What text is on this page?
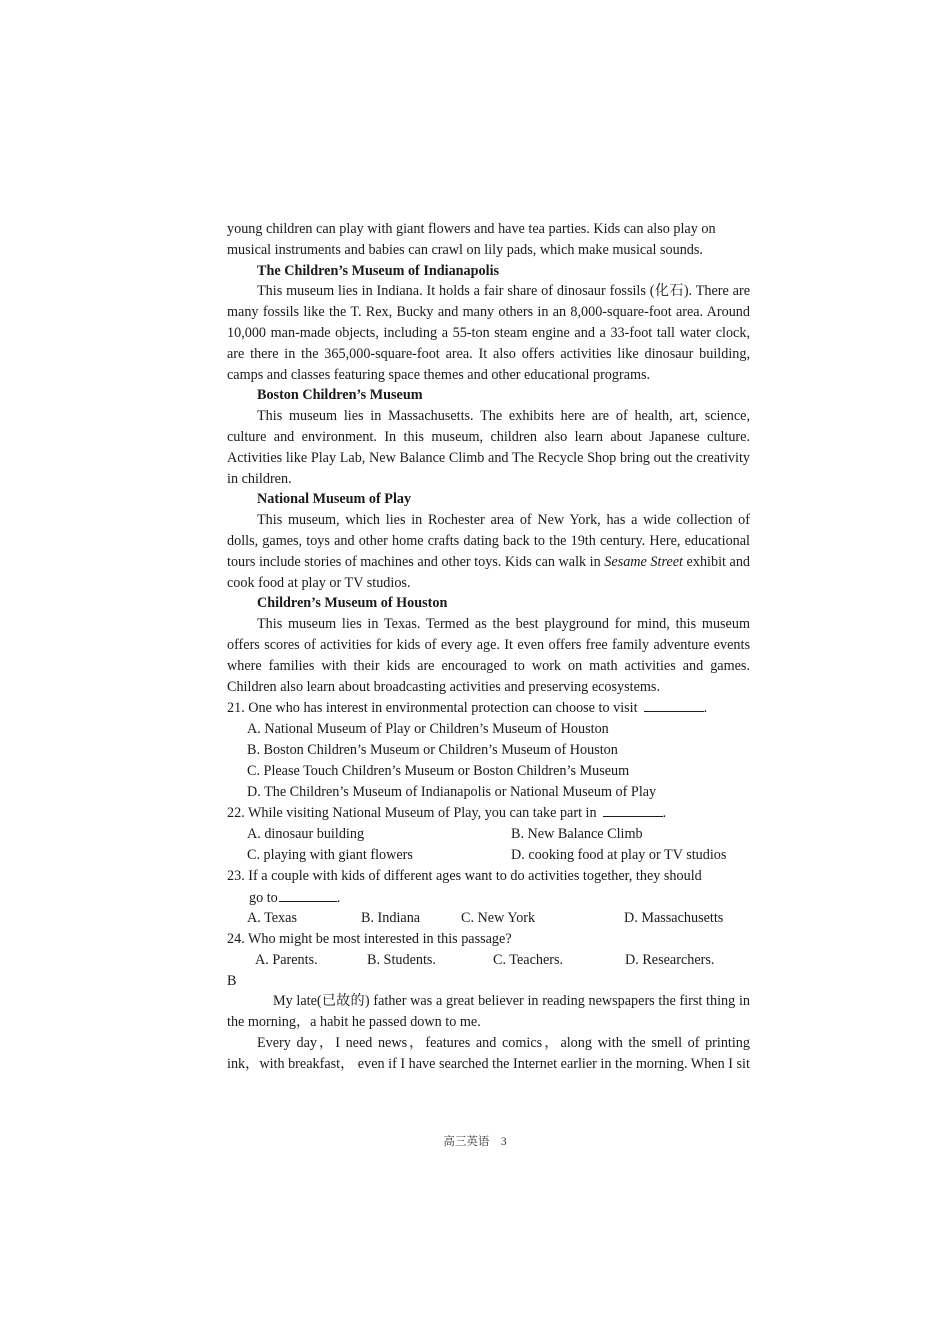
young children can play with giant flowers and have tea parties. Kids can also play on

musical instruments and babies can crawl on lily pads, which make musical sounds.

The Children’s Museum of Indianapolis

This museum lies in Indiana. It holds a fair share of dinosaur fossils (化石). There are many fossils like the T. Rex, Bucky and many others in an 8,000-square-foot area. Around 10,000 man-made objects, including a 55-ton steam engine and a 33-foot tall water clock, are there in the 365,000-square-foot area. It also offers activities like dinosaur building, camps and classes featuring space themes and other educational programs.

Boston Children’s Museum

This museum lies in Massachusetts. The exhibits here are of health, art, science, culture and environment. In this museum, children also learn about Japanese culture. Activities like Play Lab, New Balance Climb and The Recycle Shop bring out the creativity in children.

National Museum of Play

This museum, which lies in Rochester area of New York, has a wide collection of dolls, games, toys and other home crafts dating back to the 19th century. Here, educational tours include stories of machines and other toys. Kids can walk in Sesame Street exhibit and cook food at play or TV studios.

Children’s Museum of Houston

This museum lies in Texas. Termed as the best playground for mind, this museum offers scores of activities for kids of every age. It even offers free family adventure events where families with their kids are encouraged to work on math activities and games. Children also learn about broadcasting activities and preserving ecosystems.

21. One who has interest in environmental protection can choose to visit	.

A. National Museum of Play or Children’s Museum of Houston

B. Boston Children’s Museum or Children’s Museum of Houston

C. Please Touch Children’s Museum or Boston Children’s Museum

D. The Children’s Museum of Indianapolis or National Museum of Play

22. While visiting National Museum of Play, you can take part in	.

A. dinosaur building	B. New Balance Climb
C. playing with giant flowers	D. cooking food at play or TV studios

23. If a couple with kids of different ages want to do activities together, they should

go to	.

A. Texas	B. Indiana	C. New York	D. Massachusetts

24. Who might be most interested in this passage?

A. Parents.	B. Students.	C. Teachers.	D. Researchers.

B

My late(已故的) father was a great believer in reading newspapers the first thing in the morning，a habit he passed down to me.

Every day，I need news，features and comics，along with the smell of printing ink，with breakfast， even if I have searched the Internet earlier in the morning. When I sit

高三英语　3
